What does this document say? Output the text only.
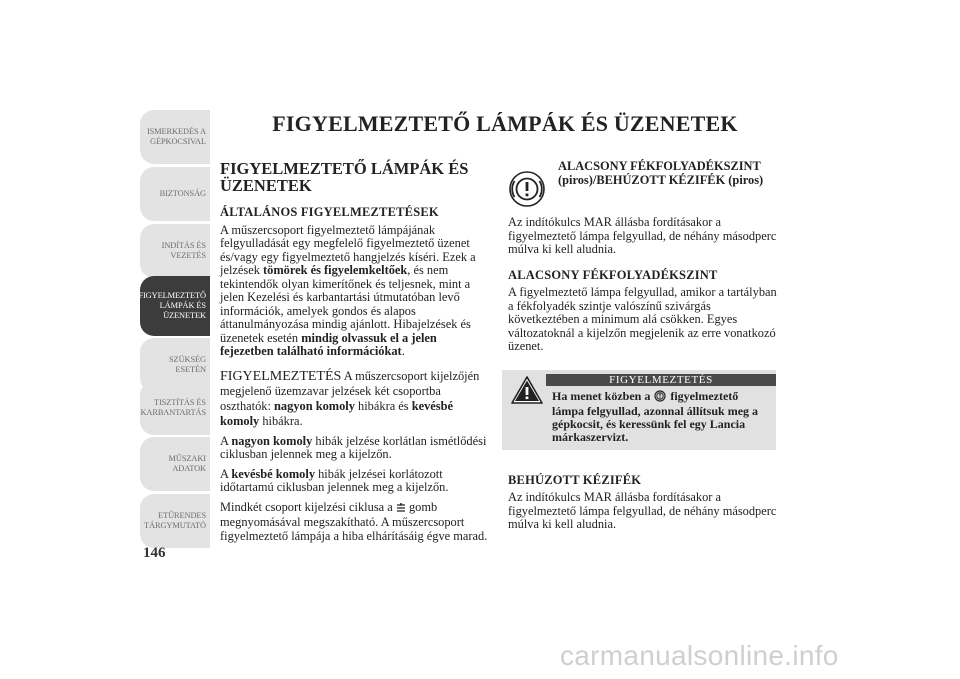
ISMERKEDÉS A
GÉPKOCSIVAL
BIZTONSÁG
INDÍTÁS ÉS
VEZETÉS
FIGYELMEZTETŐ
LÁMPÁK ÉS
ÜZENETEK
SZÜKSÉG ESETÉN
TISZTÍTÁS ÉS
KARBANTARTÁS
MŰSZAKI ADATOK
ETŰRENDES
TÁRGYMUTATÓ
146
FIGYELMEZTETŐ LÁMPÁK ÉS ÜZENETEK
FIGYELMEZTETŐ LÁMPÁK ÉS ÜZENETEK
ÁLTALÁNOS FIGYELMEZTETÉSEK

A műszercsoport figyelmeztető lámpájának felgyulladását egy megfelelő figyelmeztető üzenet és/vagy egy figyelmeztető hangjelzés kíséri. Ezek a jelzések tömörek és figyelemkeltőek, és nem tekintendők olyan kimerítőnek és teljesnek, mint a jelen Kezelési és karbantartási útmutatóban levő információk, amelyek gondos és alapos áttanulmányozása mindig ajánlott. Hibajelzések és üzenetek esetén mindig olvassuk el a jelen fejezetben található információkat.

FIGYELMEZTETÉS A műszercsoport kijelzőjén megjelenő üzemzavar jelzések két csoportba oszthatók: nagyon komoly hibákra és kevésbé komoly hibákra.

A nagyon komoly hibák jelzése korlátlan ismétlődési ciklusban jelennek meg a kijelzőn.

A kevésbé komoly hibák jelzései korlátozott időtartamú ciklusban jelennek meg a kijelzőn.

Mindkét csoport kijelzési ciklusa a  gomb megnyomásával megszakítható. A műszercsoport figyelmeztető lámpája a hiba elhárításáig égve marad.

ALACSONY FÉKFOLYADÉKSZINT (piros)/BEHÚZOTT KÉZIFÉK (piros)

Az indítókulcs MAR állásba fordításakor a figyelmeztető lámpa felgyullad, de néhány másodperc múlva ki kell aludnia.

ALACSONY FÉKFOLYADÉKSZINT

A figyelmeztető lámpa felgyullad, amikor a tartályban a fékfolyadék szintje valószínű szivárgás következtében a minimum alá csökken. Egyes változatoknál a kijelzőn megjelenik az erre vonatkozó üzenet.

FIGYELMEZTETÉS
Ha menet közben a  figyelmeztető lámpa felgyullad, azonnal állítsuk meg a gépkocsit, és keressünk fel egy Lancia márkaszervizt.
BEHÚZOTT KÉZIFÉK

Az indítókulcs MAR állásba fordításakor a figyelmeztető lámpa felgyullad, de néhány másodperc múlva ki kell aludnia.

carmanualsonline.info
